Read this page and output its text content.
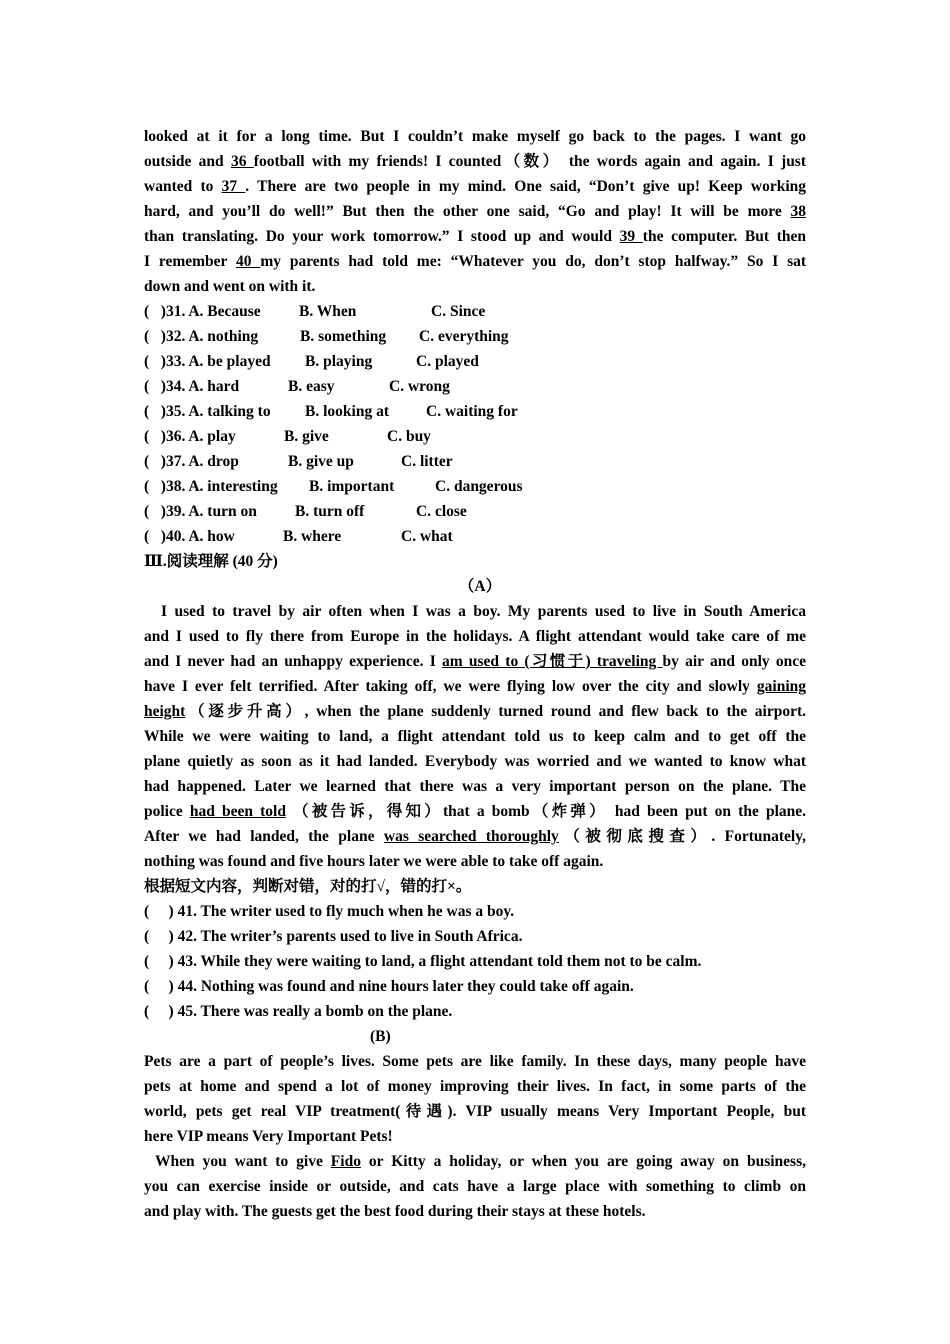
looked at it for a long time. But I couldn’t make myself go back to the pages. I want go
outside and 36 football with my friends! I counted（数） the words again and again. I just
wanted to 37 . There are two people in my mind. One said, “Don’t give up! Keep working
hard, and you’ll do well!” But then the other one said, “Go and play! It will be more 38
than translating. Do your work tomorrow.” I stood up and would 39 the computer. But then
I remember 40 my parents had told me: “Whatever you do, don’t stop halfway.” So I sat
down and went on with it.
(   )31. A. Because B. When	C. Since
(   )32. A. nothing	B. something C. everything
(   )33. A. be played B. playing	C. played
(   )34. A. hard	B. easy	C. wrong
(   )35. A. talking to B. looking at C. waiting for
(   )36. A. play	B. give	C. buy
(   )37. A. drop	B. give up	C. litter
(   )38. A. interesting B. important	C. dangerous
(   )39. A. turn on B. turn off	C. close
(   )40. A. how	B. where	C. what
Ⅲ.阅读理解 (40 分)
（A）
I used to travel by air often when I was a boy. My parents used to live in South America
and I used to fly there from Europe in the holidays. A flight attendant would take care of me
and I never had an unhappy experience. I am used to (习惯于) traveling by air and only once
have I ever felt terrified. After taking off, we were flying low over the city and slowly gaining
height（逐步升高）, when the plane suddenly turned round and flew back to the airport.
While we were waiting to land, a flight attendant told us to keep calm and to get off the
plane quietly as soon as it had landed. Everybody was worried and we wanted to know what
had happened. Later we learned that there was a very important person on the plane. The
police had been told （被告诉，得知）that a bomb（炸弹） had been put on the plane.
After we had landed, the plane was searched thoroughly（被彻底搜查）. Fortunately,
nothing was found and five hours later we were able to take off again.
根据短文内容，判断对错，对的打√，错的打×。
(     ) 41. The writer used to fly much when he was a boy.
(     ) 42. The writer’s parents used to live in South Africa.
(     ) 43. While they were waiting to land, a flight attendant told them not to be calm.
(     ) 44. Nothing was found and nine hours later they could take off again.
(     ) 45. There was really a bomb on the plane.
(B)
Pets are a part of people’s lives. Some pets are like family. In these days, many people have
pets at home and spend a lot of money improving their lives. In fact, in some parts of the
world, pets get real VIP treatment(待遇). VIP usually means Very Important People, but
here VIP means Very Important Pets!
When you want to give Fido or Kitty a holiday, or when you are going away on business,
you can exercise inside or outside, and cats have a large place with something to climb on
and play with. The guests get the best food during their stays at these hotels.
